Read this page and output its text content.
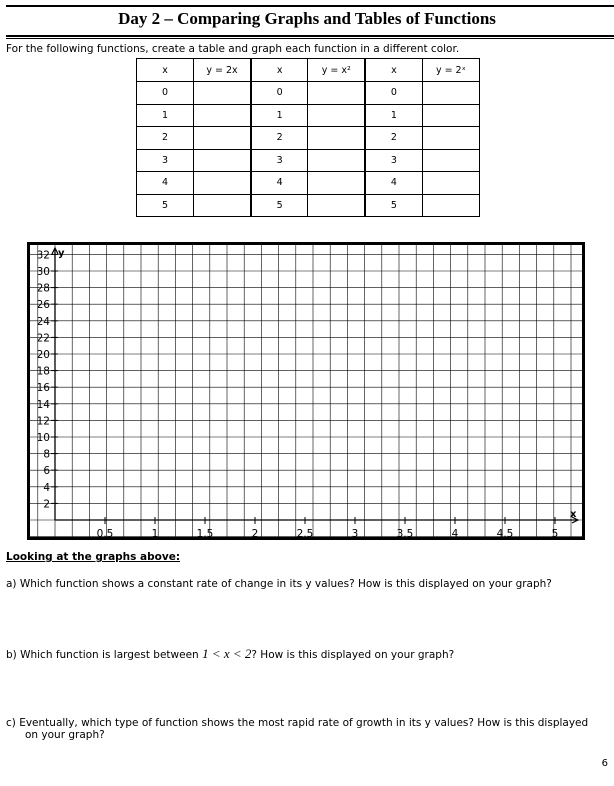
Day 2 – Comparing Graphs and Tables of Functions
For the following functions, create a table and graph each function in a different color.
x	y = 2x	x	y = x²	x	y = 2ˣ
0		0		0	
1		1		1	
2		2		2	
3		3		3	
4		4		4	
5		5		5	
y
x
2
4
6
8
10
12
14
16
18
20
22
24
26
28
30
32
0.5	1	1.5	2	2.5	3	3.5	4	4.5	5
Looking at the graphs above:
a) Which function shows a constant rate of change in its y values? How is this displayed on your graph?
b) Which function is largest between 1 < x < 2? How is this displayed on your graph?
c) Eventually, which type of function shows the most rapid rate of growth in its y values? How is this displayed
on your graph?
6
